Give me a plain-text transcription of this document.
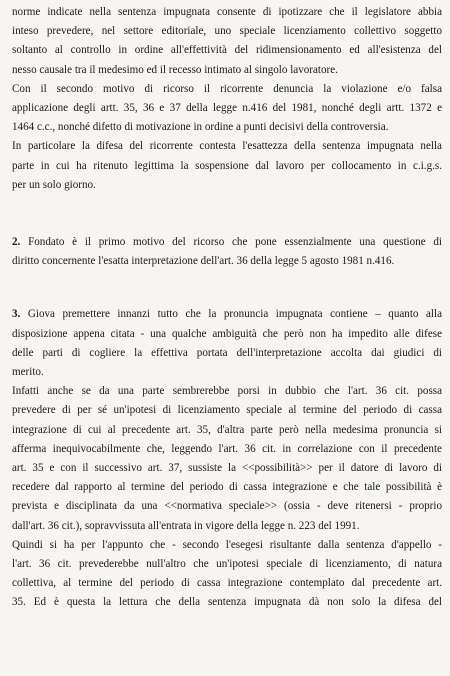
norme indicate nella sentenza impugnata consente di ipotizzare che il legislatore abbia
inteso prevedere, nel settore editoriale, uno speciale licenziamento collettivo soggetto
soltanto al controllo in ordine all'effettività del ridimensionamento ed all'esistenza del
nesso causale tra il medesimo ed il recesso intimato al singolo lavoratore.
Con il secondo motivo di ricorso il ricorrente denuncia la violazione e/o falsa
applicazione degli artt. 35, 36 e 37 della legge n.416 del 1981, nonché degli artt. 1372 e
1464 c.c., nonché difetto di motivazione in ordine a punti decisivi della controversia.
In particolare la difesa del ricorrente contesta l'esattezza della sentenza impugnata nella
parte in cui ha ritenuto legittima la sospensione dal lavoro per collocamento in c.i.g.s.
per un solo giorno.
2. Fondato è il primo motivo del ricorso che pone essenzialmente una questione di
diritto concernente l'esatta interpretazione dell'art. 36 della legge 5 agosto 1981 n.416.
3. Giova premettere innanzi tutto che la pronuncia impugnata contiene – quanto alla
disposizione appena citata - una qualche ambiguità che però non ha impedito alle difese
delle parti di cogliere la effettiva portata dell'interpretazione accolta dai giudici di
merito.
Infatti anche se da una parte sembrerebbe porsi in dubbio che l'art. 36 cit. possa
prevedere di per sé un'ipotesi di licenziamento speciale al termine del periodo di cassa
integrazione di cui al precedente art. 35, d'altra parte però nella medesima pronuncia si
afferma inequivocabilmente che, leggendo l'art. 36 cit. in correlazione con il precedente
art. 35 e con il successivo art. 37, sussiste la <<possibilità>> per il datore di lavoro di
recedere dal rapporto al termine del periodo di cassa integrazione e che tale possibilità è
prevista e disciplinata da una <<normativa speciale>> (ossia - deve ritenersi - proprio
dall'art. 36 cit.), sopravvissuta all'entrata in vigore della legge n. 223 del 1991.
Quindi si ha per l'appunto che - secondo l'esegesi risultante dalla sentenza d'appello -
l'art. 36 cit. prevederebbe null'altro che un'ipotesi speciale di licenziamento, di natura
collettiva, al termine del periodo di cassa integrazione contemplato dal precedente art.
35. Ed è questa la lettura che della sentenza impugnata dà non solo la difesa del
